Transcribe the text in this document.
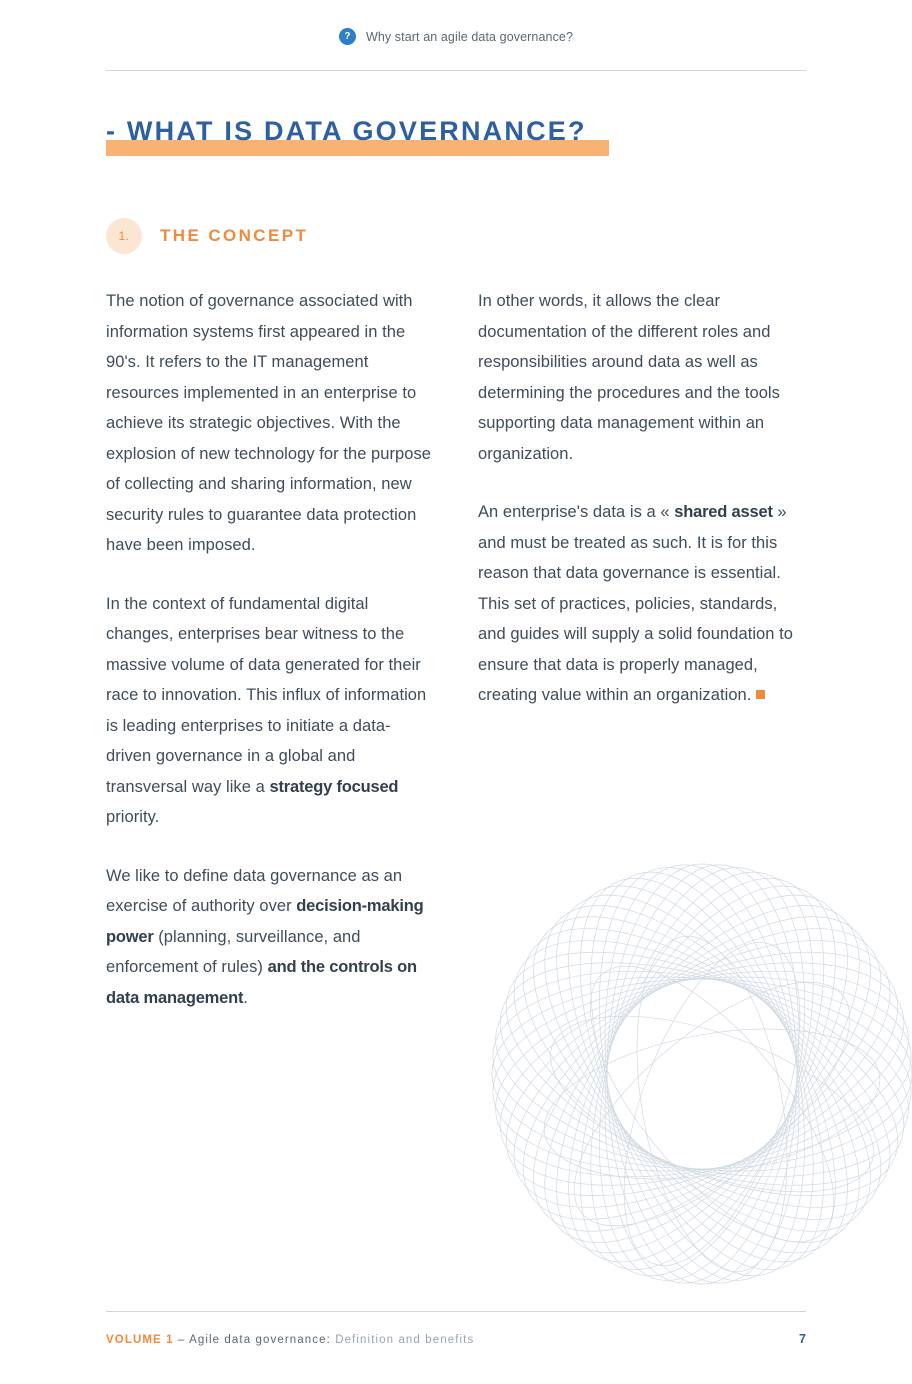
?	Why start an agile data governance?
- WHAT IS DATA GOVERNANCE?
1.	THE CONCEPT

The notion of governance associated with information systems first appeared in the 90's. It refers to the IT management resources implemented in an enterprise to achieve its strategic objectives. With the explosion of new technology for the purpose of collecting and sharing information, new security rules to guarantee data protection have been imposed.

In the context of fundamental digital changes, enterprises bear witness to the massive volume of data generated for their race to innovation. This influx of information is leading enterprises to initiate a data-driven governance in a global and transversal way like a strategy focused priority.

We like to define data governance as an exercise of authority over decision-making power (planning, surveillance, and enforcement of rules) and the controls on data management.

In other words, it allows the clear documentation of the different roles and responsibilities around data as well as determining the procedures and the tools supporting data management within an organization.

An enterprise's data is a « shared asset » and must be treated as such. It is for this reason that data governance is essential. This set of practices, policies, standards, and guides will supply a solid foundation to ensure that data is properly managed, creating value within an organization.

VOLUME 1 – Agile data governance: Definition and benefits	7
